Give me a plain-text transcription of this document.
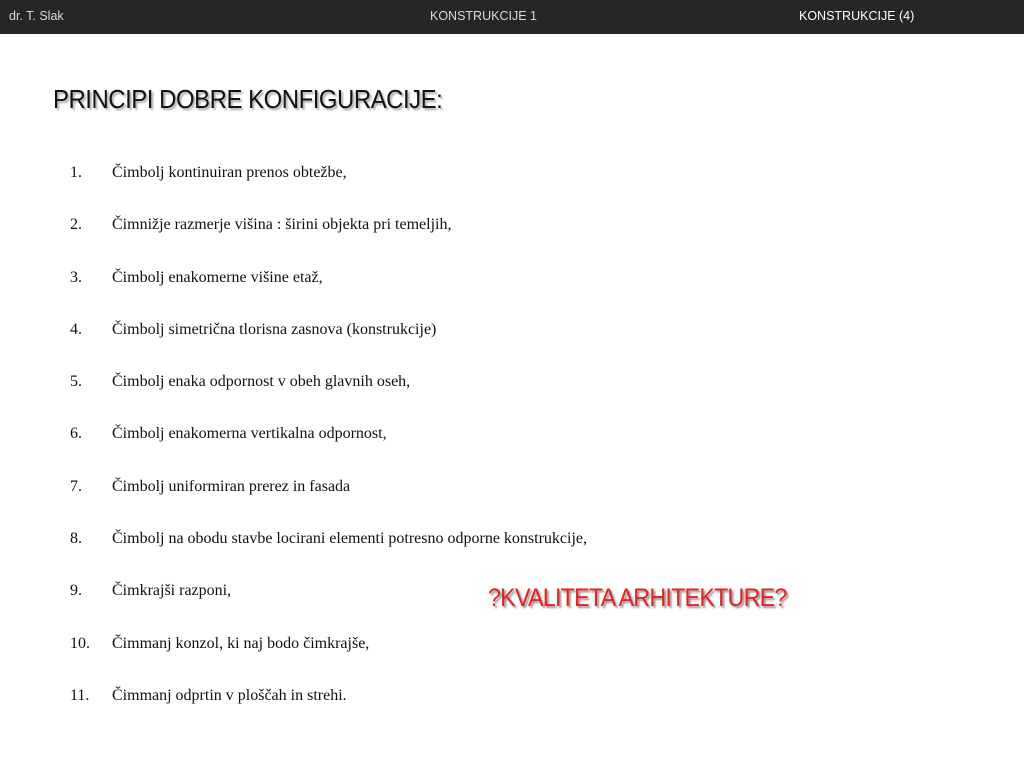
dr. T. Slak	KONSTRUKCIJE 1	KONSTRUKCIJE (4)
PRINCIPI DOBRE KONFIGURACIJE:
1.	Čimbolj kontinuiran prenos obtežbe,
2.	Čimnižje razmerje višina : širini objekta pri temeljih,
3.	Čimbolj enakomerne višine etaž,
4.	Čimbolj simetrična tlorisna zasnova (konstrukcije)
5.	Čimbolj enaka odpornost v obeh glavnih oseh,
6.	Čimbolj enakomerna vertikalna odpornost,
7.	Čimbolj uniformiran prerez in fasada
8.	Čimbolj na obodu stavbe locirani elementi potresno odporne konstrukcije,
9.	Čimkrajši razponi,
10.	Čimmanj konzol, ki naj bodo čimkrajše,
11.	Čimmanj odprtin v ploščah in strehi.
?KVALITETA ARHITEKTURE?
